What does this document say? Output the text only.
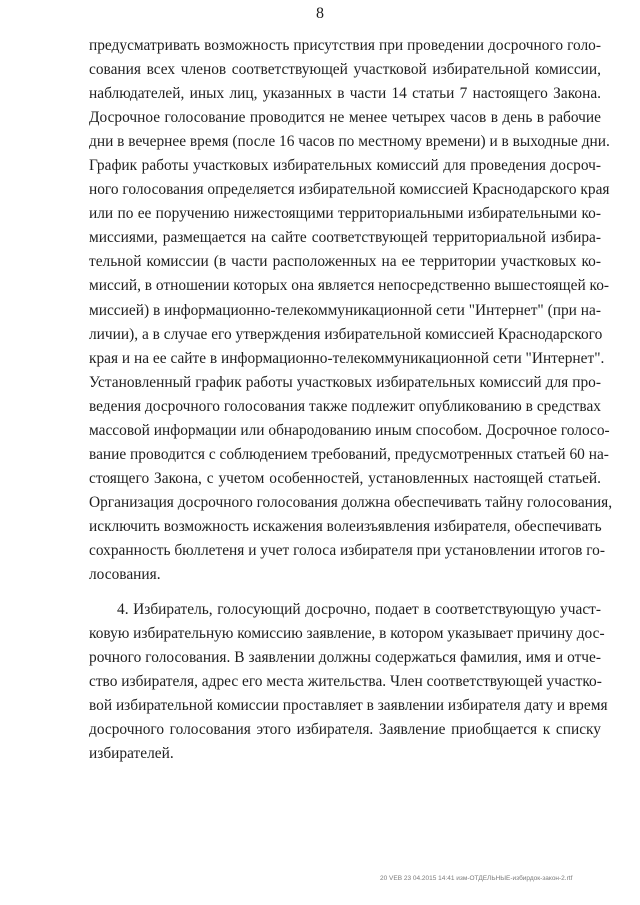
8
предусматривать возможность присутствия при проведении досрочного голо-
сования всех членов соответствующей участковой избирательной комиссии,
наблюдателей, иных лиц, указанных в части 14 статьи 7 настоящего Закона.
Досрочное голосование проводится не менее четырех часов в день в рабочие
дни в вечернее время (после 16 часов по местному времени) и в выходные дни.
График работы участковых избирательных комиссий для проведения досроч-
ного голосования определяется избирательной комиссией Краснодарского края
или по ее поручению нижестоящими территориальными избирательными ко-
миссиями, размещается на сайте соответствующей территориальной избира-
тельной комиссии (в части расположенных на ее территории участковых ко-
миссий, в отношении которых она является непосредственно вышестоящей ко-
миссией) в информационно-телекоммуникационной сети "Интернет" (при на-
личии), а в случае его утверждения избирательной комиссией Краснодарского
края и на ее сайте в информационно-телекоммуникационной сети "Интернет".
Установленный график работы участковых избирательных комиссий для про-
ведения досрочного голосования также подлежит опубликованию в средствах
массовой информации или обнародованию иным способом. Досрочное голосо-
вание проводится с соблюдением требований, предусмотренных статьей 60 на-
стоящего Закона, с учетом особенностей, установленных настоящей статьей.
Организация досрочного голосования должна обеспечивать тайну голосования,
исключить возможность искажения волеизъявления избирателя, обеспечивать
сохранность бюллетеня и учет голоса избирателя при установлении итогов го-
лосования.
4. Избиратель, голосующий досрочно, подает в соответствующую участ-
ковую избирательную комиссию заявление, в котором указывает причину дос-
рочного голосования. В заявлении должны содержаться фамилия, имя и отче-
ство избирателя, адрес его места жительства. Член соответствующей участко-
вой избирательной комиссии проставляет в заявлении избирателя дату и время
досрочного голосования этого избирателя. Заявление приобщается к списку
избирателей.
20 VEB 23 04.2015 14:41 изм-ОТДЕЛЬНЫЕ-избирдок-закон-2.rtf
